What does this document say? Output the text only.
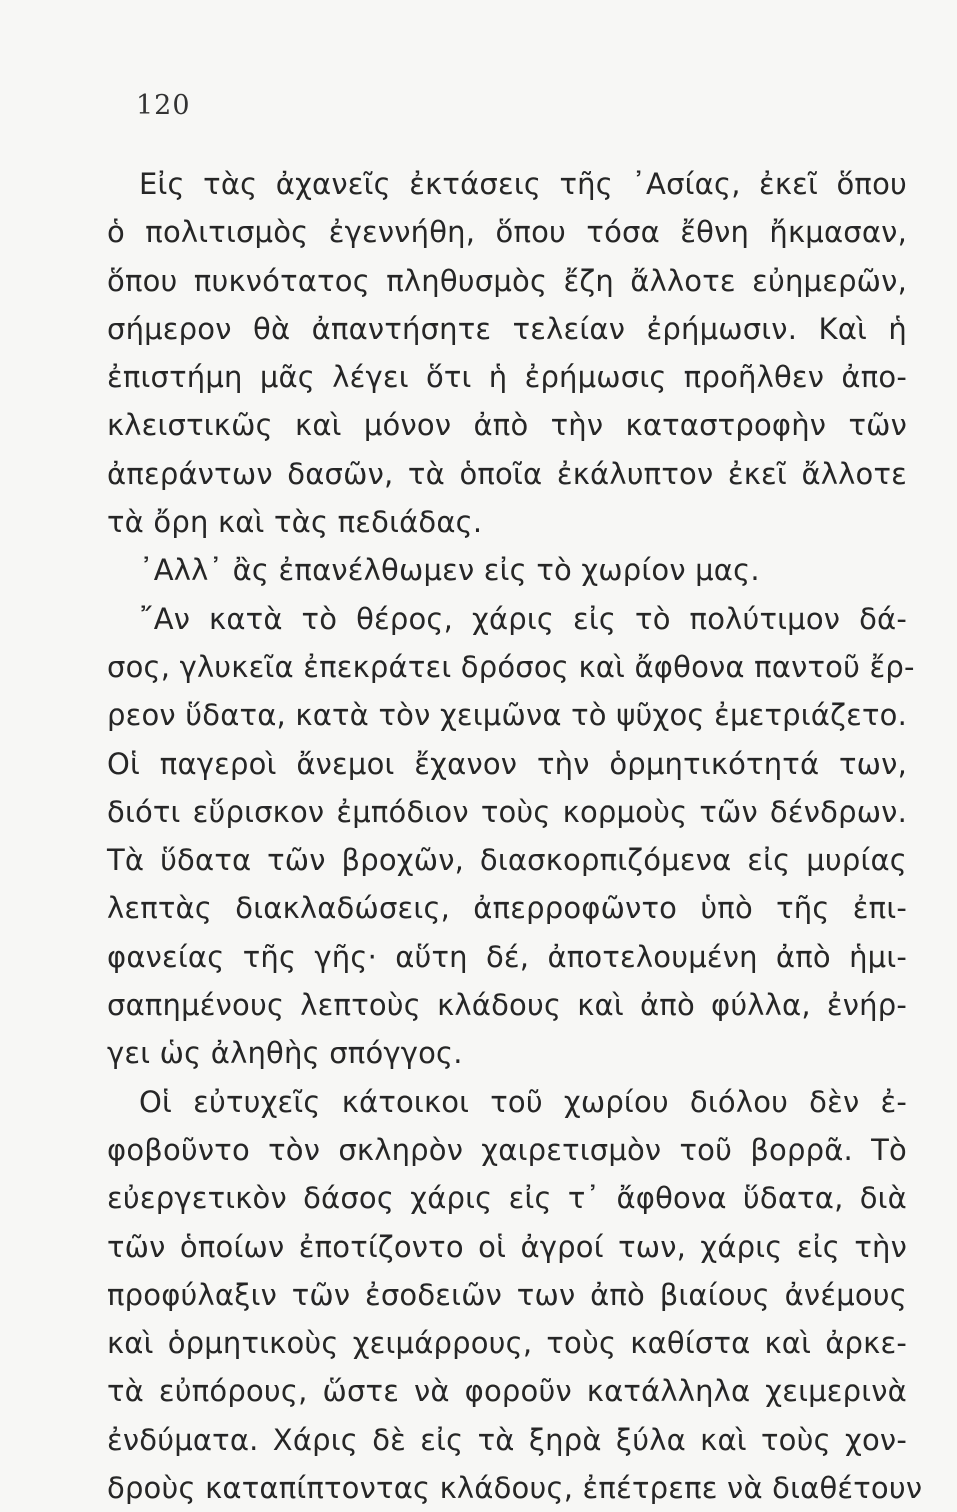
120
Εἰς τὰς ἀχανεῖς ἐκτάσεις τῆς ᾿Ασίας, ἐκεῖ ὅπου
ὁ πολιτισμὸς ἐγεννήθη, ὅπου τόσα ἔθνη ἤκμασαν,
ὅπου πυκνότατος πληθυσμὸς ἔζη ἄλλοτε εὐημερῶν,
σήμερον θὰ ἀπαντήσητε τελείαν ἐρήμωσιν. Καὶ ἡ
ἐπιστήμη μᾶς λέγει ὅτι ἡ ἐρήμωσις προῆλθεν ἀπο-
κλειστικῶς καὶ μόνον ἀπὸ τὴν καταστροφὴν τῶν
ἀπεράντων δασῶν, τὰ ὁποῖα ἐκάλυπτον ἐκεῖ ἄλλοτε
τὰ ὄρη καὶ τὰς πεδιάδας.
᾿Αλλ᾿ ἂς ἐπανέλθωμεν εἰς τὸ χωρίον μας.
῎Αν κατὰ τὸ θέρος, χάρις εἰς τὸ πολύτιμον δά-
σος, γλυκεῖα ἐπεκράτει δρόσος καὶ ἄφθονα παντοῦ ἔρ-
ρεον ὕδατα, κατὰ τὸν χειμῶνα τὸ ψῦχος ἐμετριάζετο.
Οἱ παγεροὶ ἄνεμοι ἔχανον τὴν ὁρμητικότητά των,
διότι εὕρισκον ἐμπόδιον τοὺς κορμοὺς τῶν δένδρων.
Τὰ ὕδατα τῶν βροχῶν, διασκορπιζόμενα εἰς μυρίας
λεπτὰς διακλαδώσεις, ἀπερροφῶντο ὑπὸ τῆς ἐπι-
φανείας τῆς γῆς· αὕτη δέ, ἀποτελουμένη ἀπὸ ἡμι-
σαπημένους λεπτοὺς κλάδους καὶ ἀπὸ φύλλα, ἐνήρ-
γει ὡς ἀληθὴς σπόγγος.
Οἱ εὐτυχεῖς κάτοικοι τοῦ χωρίου διόλου δὲν ἐ-
φοβοῦντο τὸν σκληρὸν χαιρετισμὸν τοῦ βορρᾶ. Τὸ
εὐεργετικὸν δάσος χάρις εἰς τ᾿ ἄφθονα ὕδατα, διὰ
τῶν ὁποίων ἐποτίζοντο οἱ ἀγροί των, χάρις εἰς τὴν
προφύλαξιν τῶν ἐσοδειῶν των ἀπὸ βιαίους ἀνέμους
καὶ ὁρμητικοὺς χειμάρρους, τοὺς καθίστα καὶ ἀρκε-
τὰ εὐπόρους, ὥστε νὰ φοροῦν κατάλληλα χειμερινὰ
ἐνδύματα. Χάρις δὲ εἰς τὰ ξηρὰ ξύλα καὶ τοὺς χον-
δροὺς καταπίπτοντας κλάδους, ἐπέτρεπε νὰ διαθέτουν
